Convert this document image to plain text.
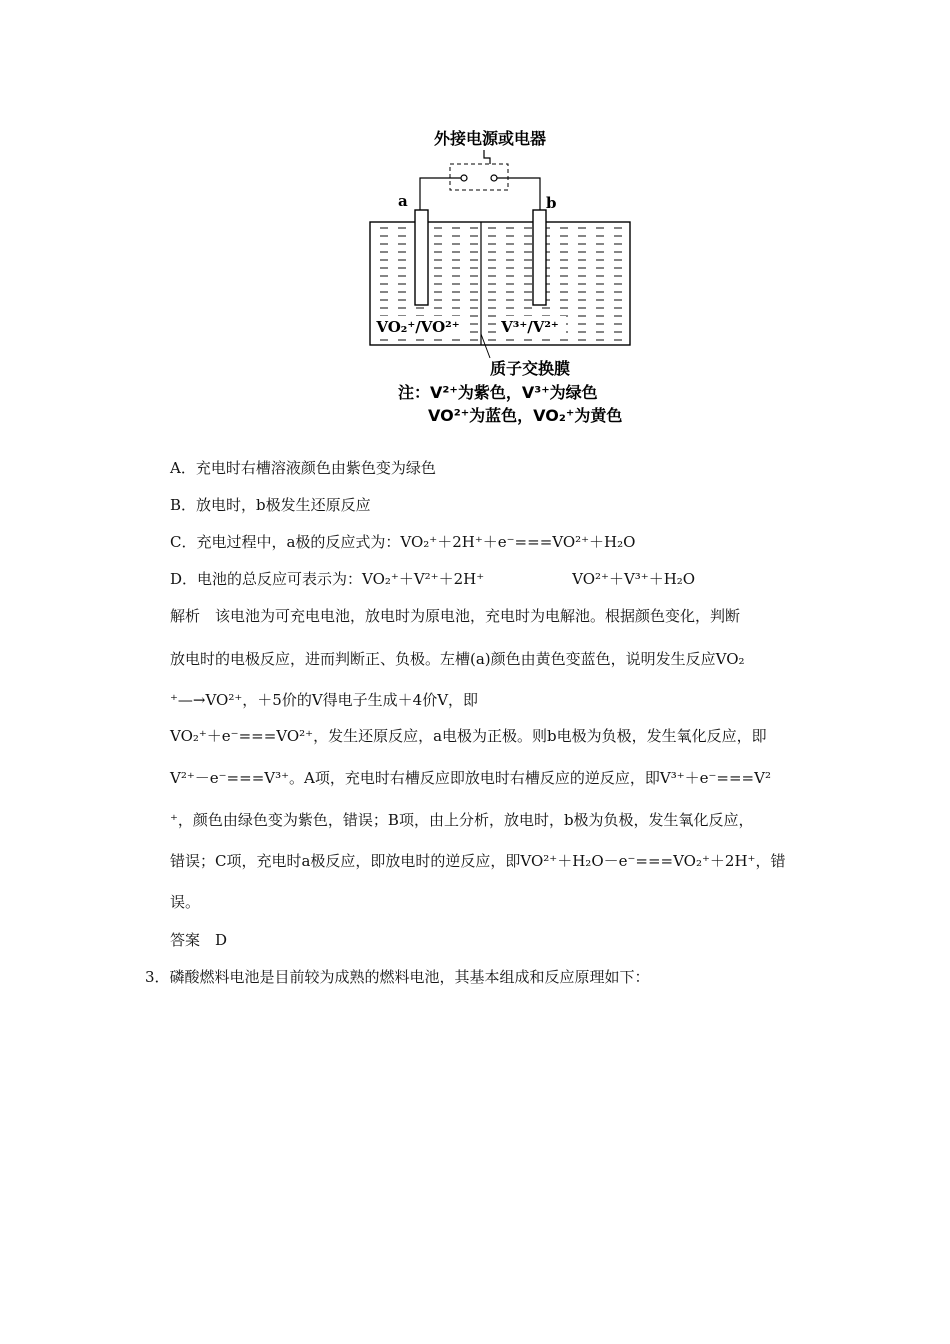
外接电源或电器
a	b
VO₂⁺/VO²⁺	V³⁺/V²⁺
质子交换膜
注：V²⁺为紫色，V³⁺为绿色
VO²⁺为蓝色，VO₂⁺为黄色
A．充电时右槽溶液颜色由紫色变为绿色
B．放电时，b极发生还原反应
C．充电过程中，a极的反应式为：VO₂⁺＋2H⁺＋e⁻===VO²⁺＋H₂O
D．电池的总反应可表示为：VO₂⁺＋V²⁺＋2H⁺	VO²⁺＋V³⁺＋H₂O
解析　该电池为可充电电池，放电时为原电池，充电时为电解池。根据颜色变化，判断
放电时的电极反应，进而判断正、负极。左槽(a)颜色由黄色变蓝色，说明发生反应VO₂
⁺—→VO²⁺，＋5价的V得电子生成＋4价V，即
VO₂⁺＋e⁻===VO²⁺，发生还原反应，a电极为正极。则b电极为负极，发生氧化反应，即
V²⁺－e⁻===V³⁺。A项，充电时右槽反应即放电时右槽反应的逆反应，即V³⁺＋e⁻===V²
⁺，颜色由绿色变为紫色，错误；B项，由上分析，放电时，b极为负极，发生氧化反应，
错误；C项，充电时a极反应，即放电时的逆反应，即VO²⁺＋H₂O－e⁻===VO₂⁺＋2H⁺，错
误。
答案　D
3．磷酸燃料电池是目前较为成熟的燃料电池，其基本组成和反应原理如下：
